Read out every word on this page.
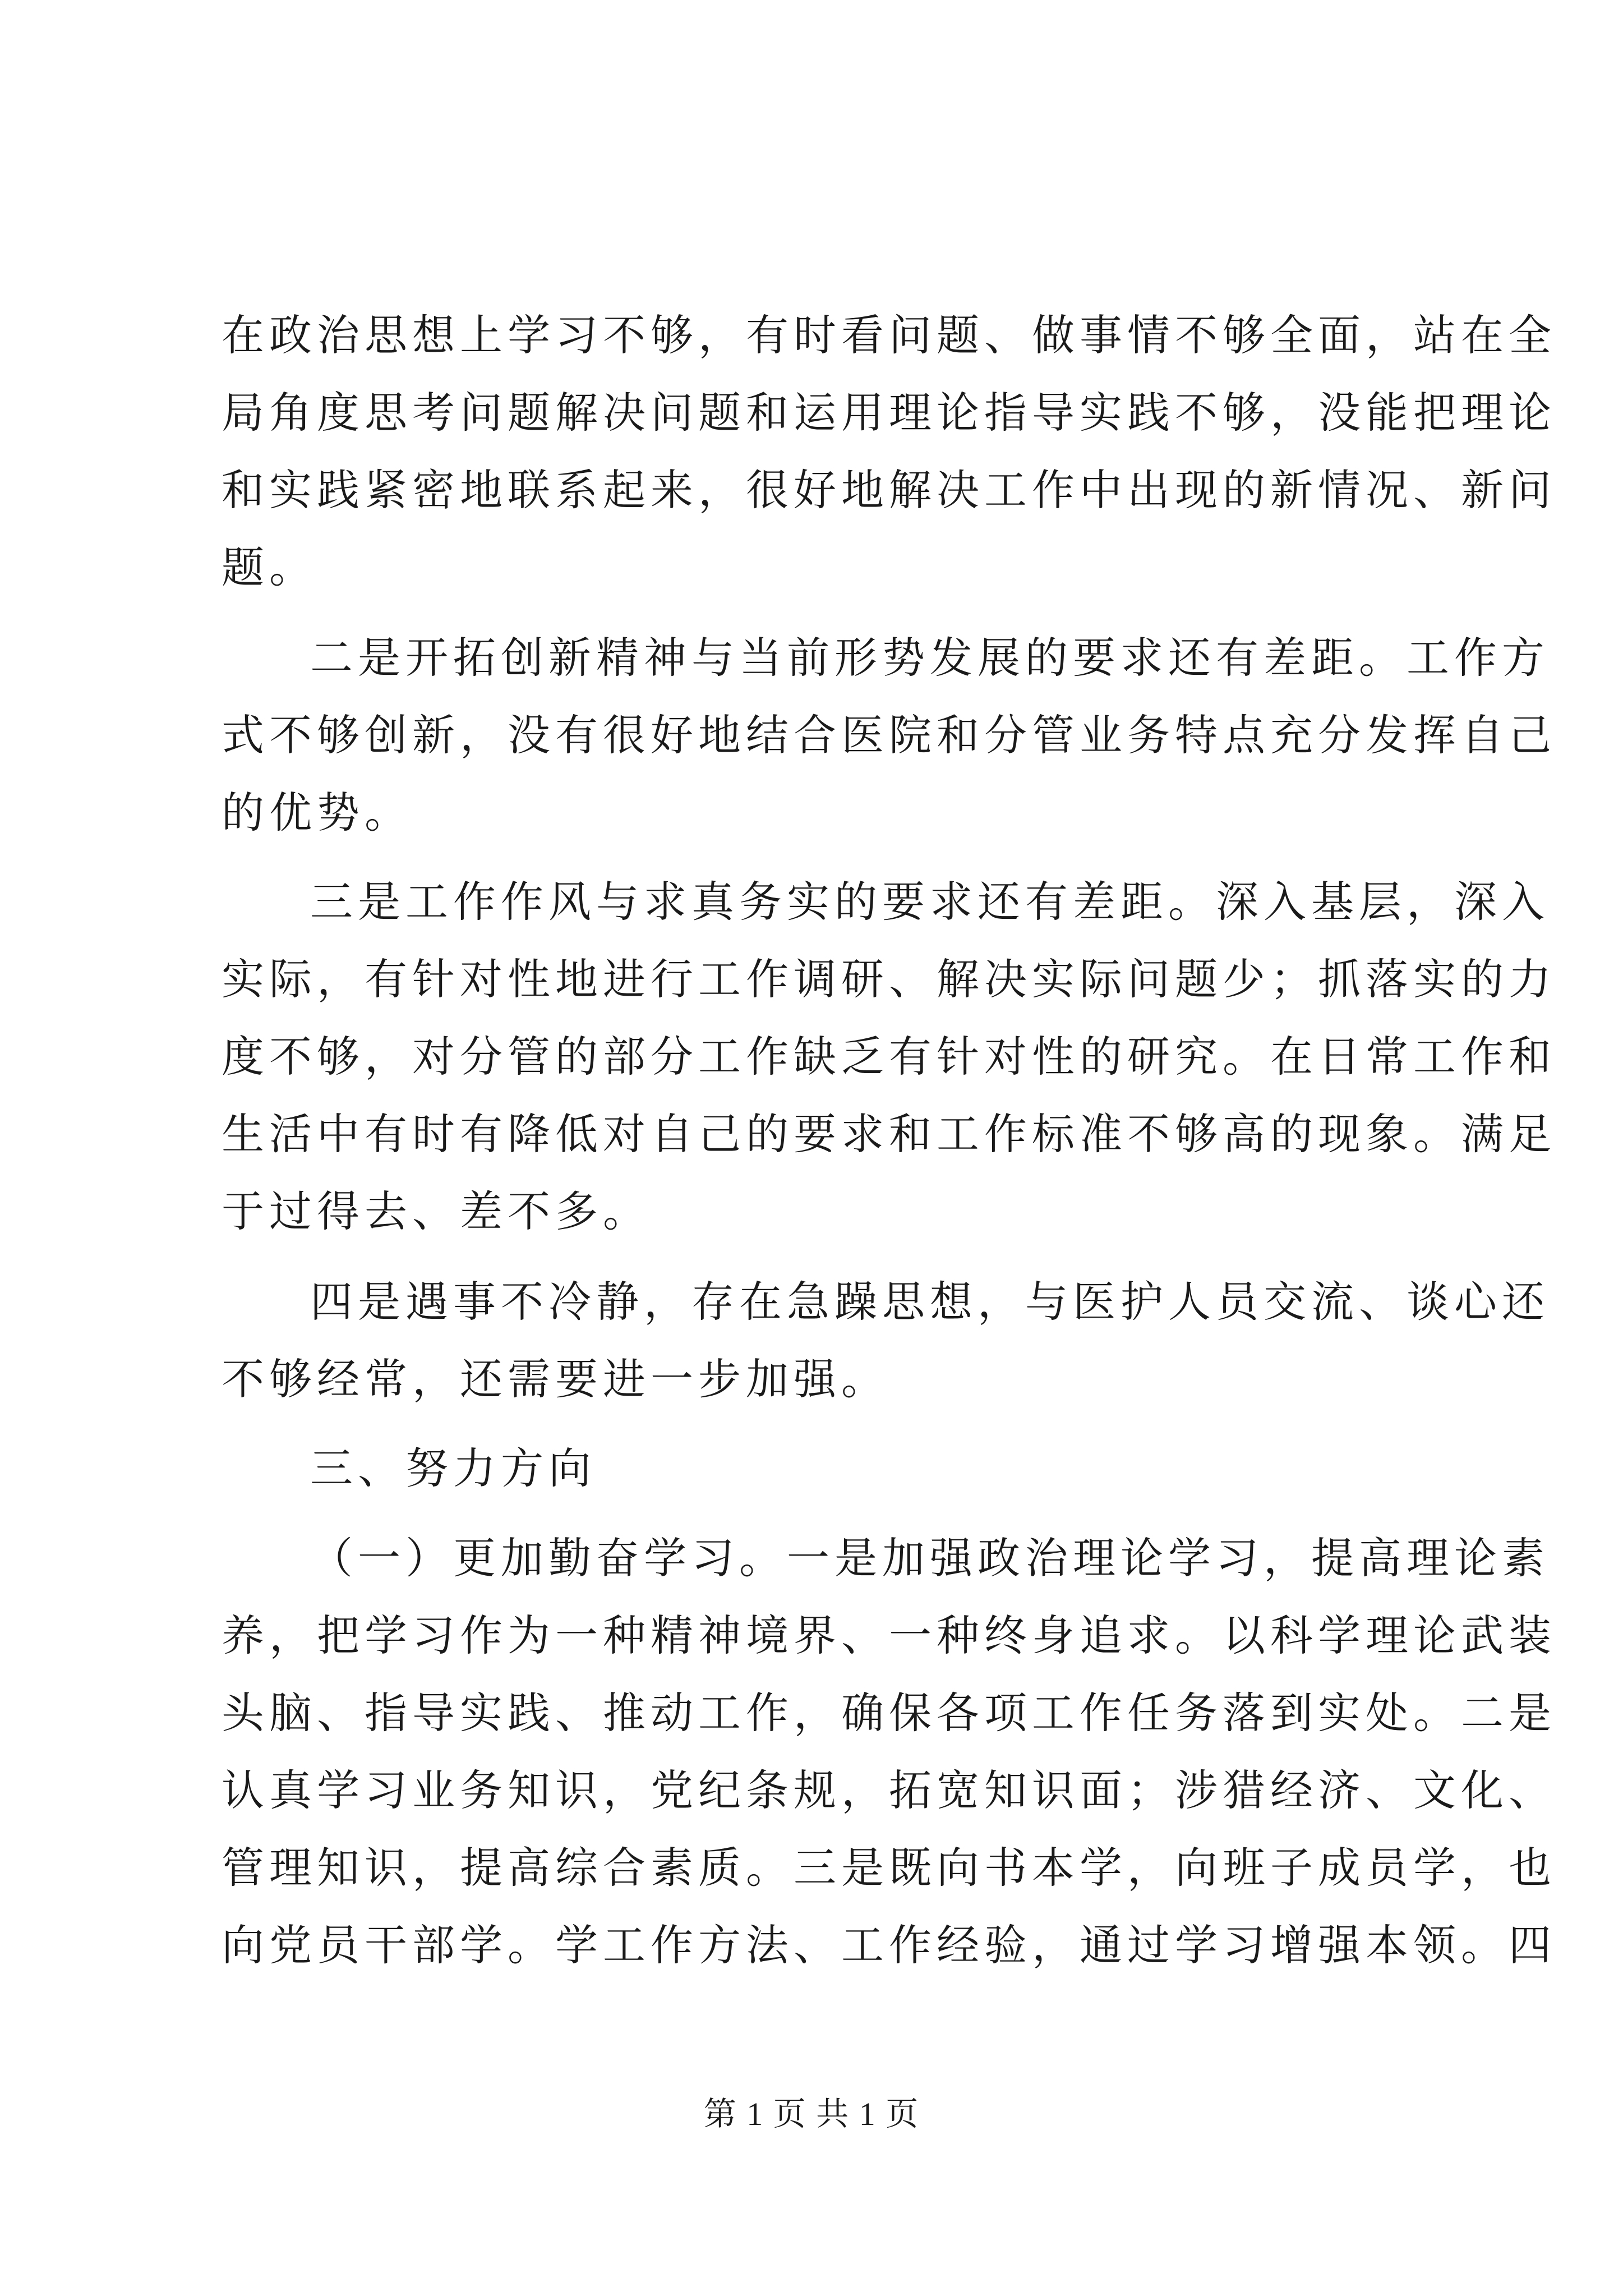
在政治思想上学习不够，有时看问题、做事情不够全面，站在全
局角度思考问题解决问题和运用理论指导实践不够，没能把理论
和实践紧密地联系起来，很好地解决工作中出现的新情况、新问
题。
二是开拓创新精神与当前形势发展的要求还有差距。工作方
式不够创新，没有很好地结合医院和分管业务特点充分发挥自己
的优势。
三是工作作风与求真务实的要求还有差距。深入基层，深入
实际，有针对性地进行工作调研、解决实际问题少；抓落实的力
度不够，对分管的部分工作缺乏有针对性的研究。在日常工作和
生活中有时有降低对自己的要求和工作标准不够高的现象。满足
于过得去、差不多。
四是遇事不冷静，存在急躁思想，与医护人员交流、谈心还
不够经常，还需要进一步加强。
三、努力方向
（一）更加勤奋学习。一是加强政治理论学习，提高理论素
养，把学习作为一种精神境界、一种终身追求。以科学理论武装
头脑、指导实践、推动工作，确保各项工作任务落到实处。二是
认真学习业务知识，党纪条规，拓宽知识面；涉猎经济、文化、
管理知识，提高综合素质。三是既向书本学，向班子成员学，也
向党员干部学。学工作方法、工作经验，通过学习增强本领。四
第 1 页 共 1 页
